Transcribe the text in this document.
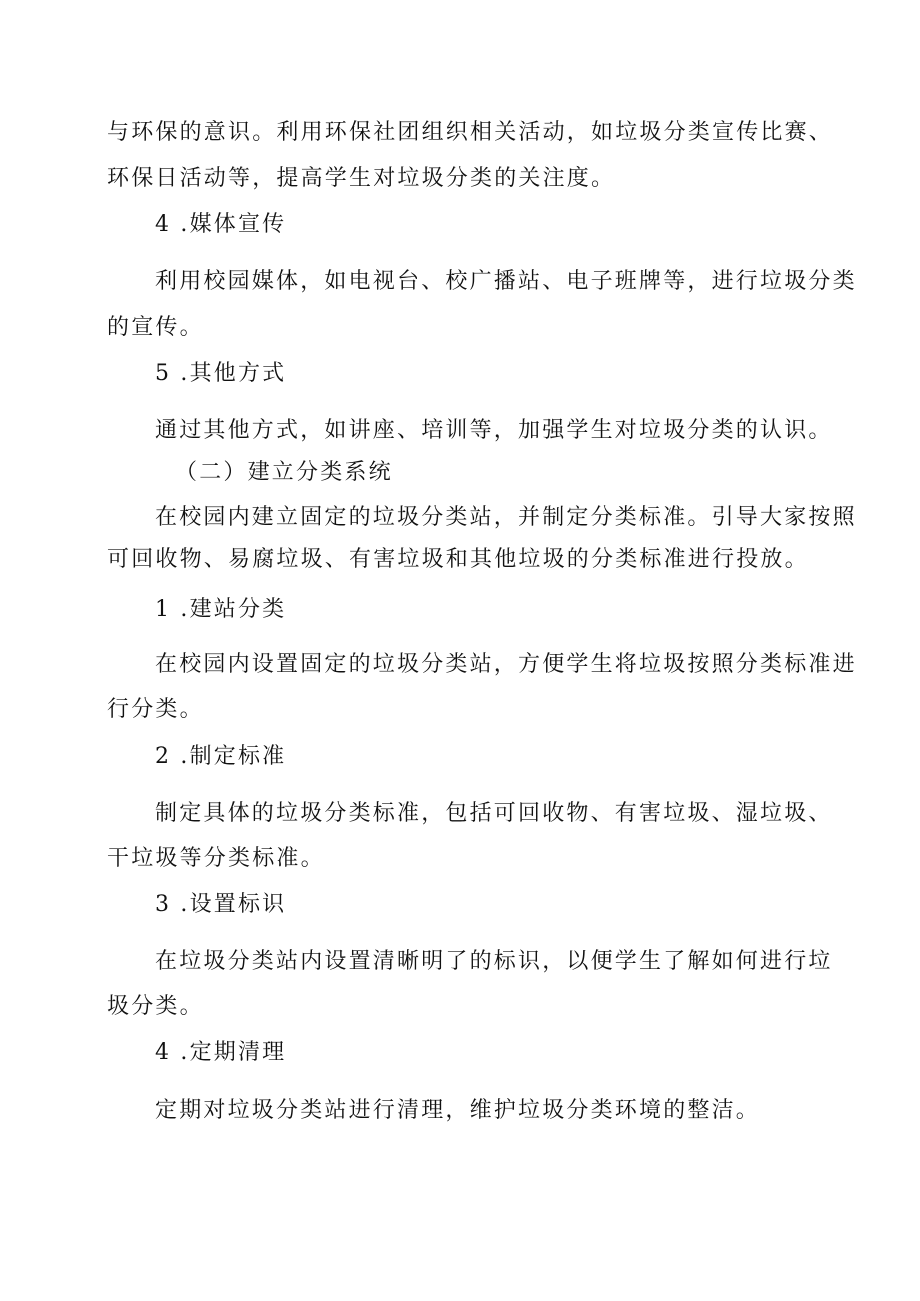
与环保的意识。利用环保社团组织相关活动，如垃圾分类宣传比赛、
环保日活动等，提高学生对垃圾分类的关注度。
4 .媒体宣传
利用校园媒体，如电视台、校广播站、电子班牌等，进行垃圾分类
的宣传。
5 .其他方式
通过其他方式，如讲座、培训等，加强学生对垃圾分类的认识。
（二）建立分类系统
在校园内建立固定的垃圾分类站，并制定分类标准。引导大家按照
可回收物、易腐垃圾、有害垃圾和其他垃圾的分类标准进行投放。
1 .建站分类
在校园内设置固定的垃圾分类站，方便学生将垃圾按照分类标准进
行分类。
2 .制定标准
制定具体的垃圾分类标准，包括可回收物、有害垃圾、湿垃圾、
干垃圾等分类标准。
3 .设置标识
在垃圾分类站内设置清晰明了的标识，以便学生了解如何进行垃
圾分类。
4 .定期清理
定期对垃圾分类站进行清理，维护垃圾分类环境的整洁。
